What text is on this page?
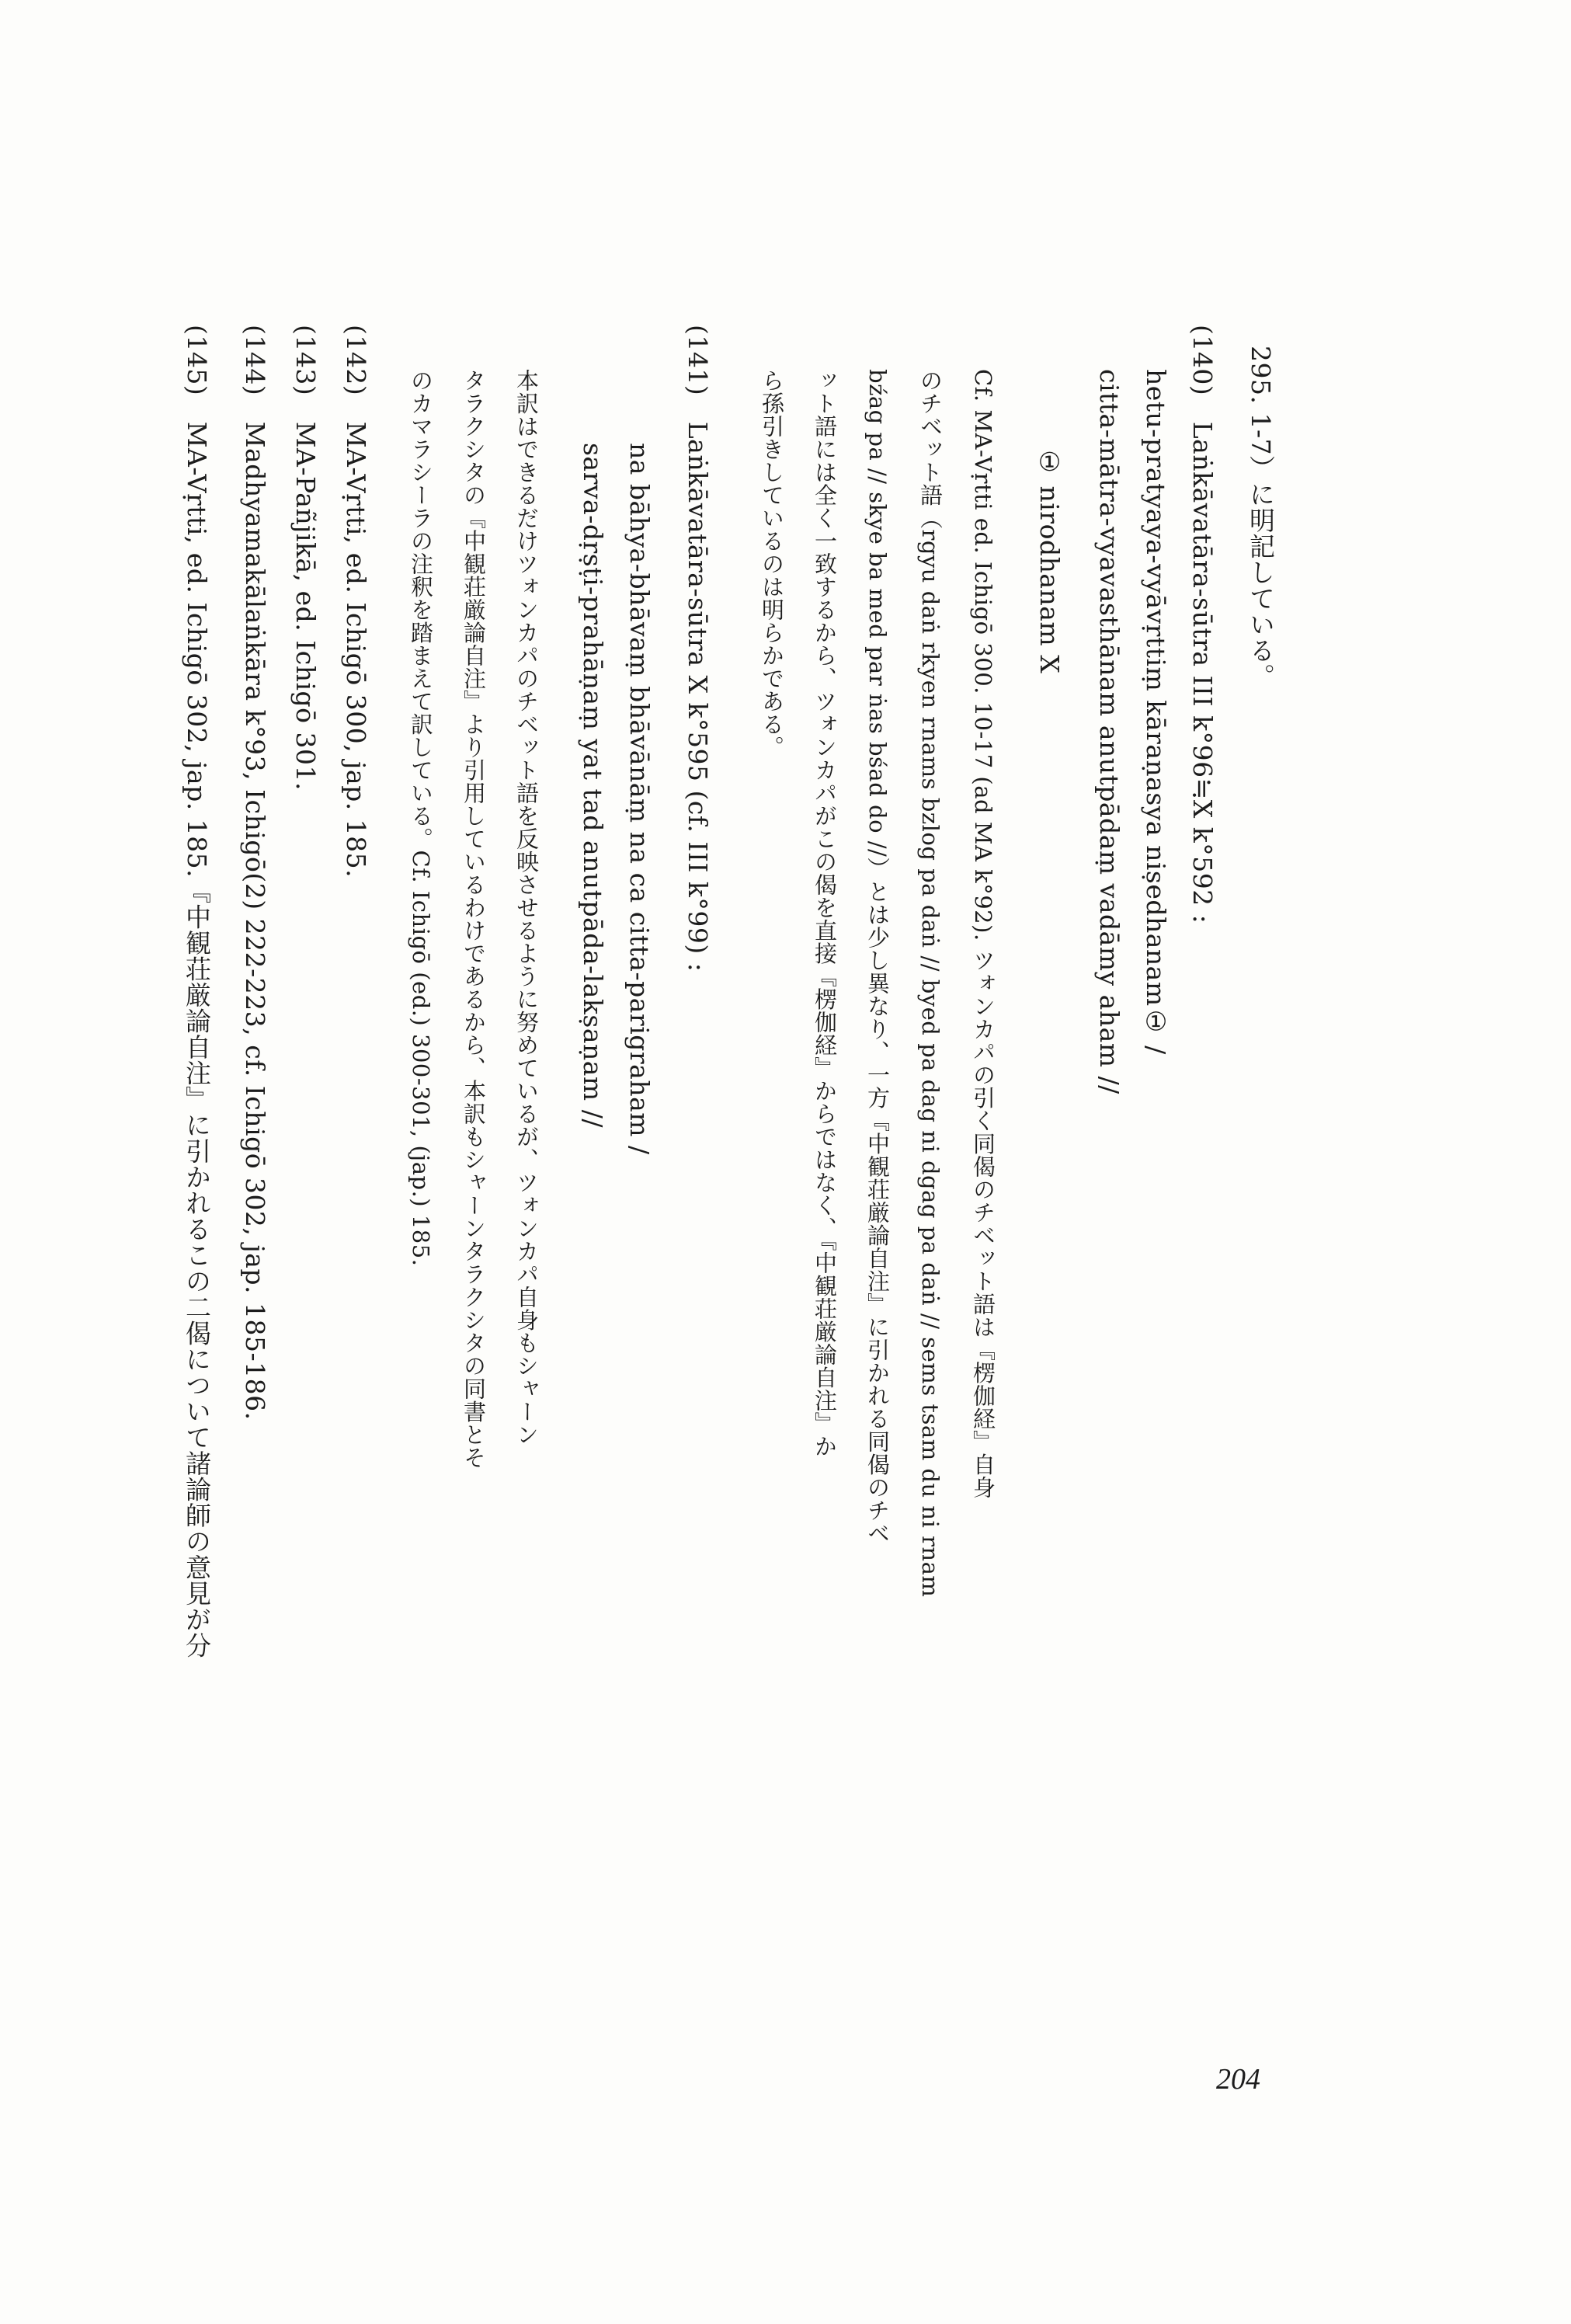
295. 1-7）に明記している。
(140)　Laṅkāvatāra-sūtra III k°96≒X k°592 :
hetu-pratyaya-vyāvṛttiṃ kāraṇasya niṣedhanam① /
citta-mātra-vyavasthānam anutpādaṃ vadāmy aham //
① nirodhanam X
Cf. MA-Vṛtti ed. Ichigō 300. 10-17 (ad MA k°92). ツォンカパの引く同偈のチベット語は『楞伽経』自身
のチベット語（rgyu daṅ rkyen rnams bzlog pa daṅ // byed pa dag ni dgag pa daṅ // sems tsam du ni rnam
bźag pa // skye ba med par ṅas bśad do //）とは少し異なり、一方『中観荘厳論自注』に引かれる同偈のチベ
ット語には全く一致するから、ツォンカパがこの偈を直接『楞伽経』からではなく、『中観荘厳論自注』か
ら孫引きしているのは明らかである。
(141)　Laṅkāvatāra-sūtra X k°595 (cf. III k°99) :
na bāhya-bhāvaṃ bhāvānāṃ na ca citta-parigraham /
sarva-dṛṣṭi-prahāṇaṃ yat tad anutpāda-lakṣaṇam //
本訳はできるだけツォンカパのチベット語を反映させるように努めているが、ツォンカパ自身もシャーン
タラクシタの『中観荘厳論自注』より引用しているわけであるから、本訳もシャーンタラクシタの同書とそ
のカマラシーラの注釈を踏まえて訳している。Cf. Ichigō (ed.) 300-301, (jap.) 185.
(142)　MA-Vṛtti, ed. Ichigō 300, jap. 185.
(143)　MA-Pañjikā, ed. Ichigō 301.
(144)　Madhyamakālaṅkāra k°93, Ichigō(2) 222-223, cf. Ichigō 302, jap. 185-186.
(145)　MA-Vṛtti, ed. Ichigō 302, jap. 185.『中観荘厳論自注』に引かれるこの二偈について諸論師の意見が分
204
